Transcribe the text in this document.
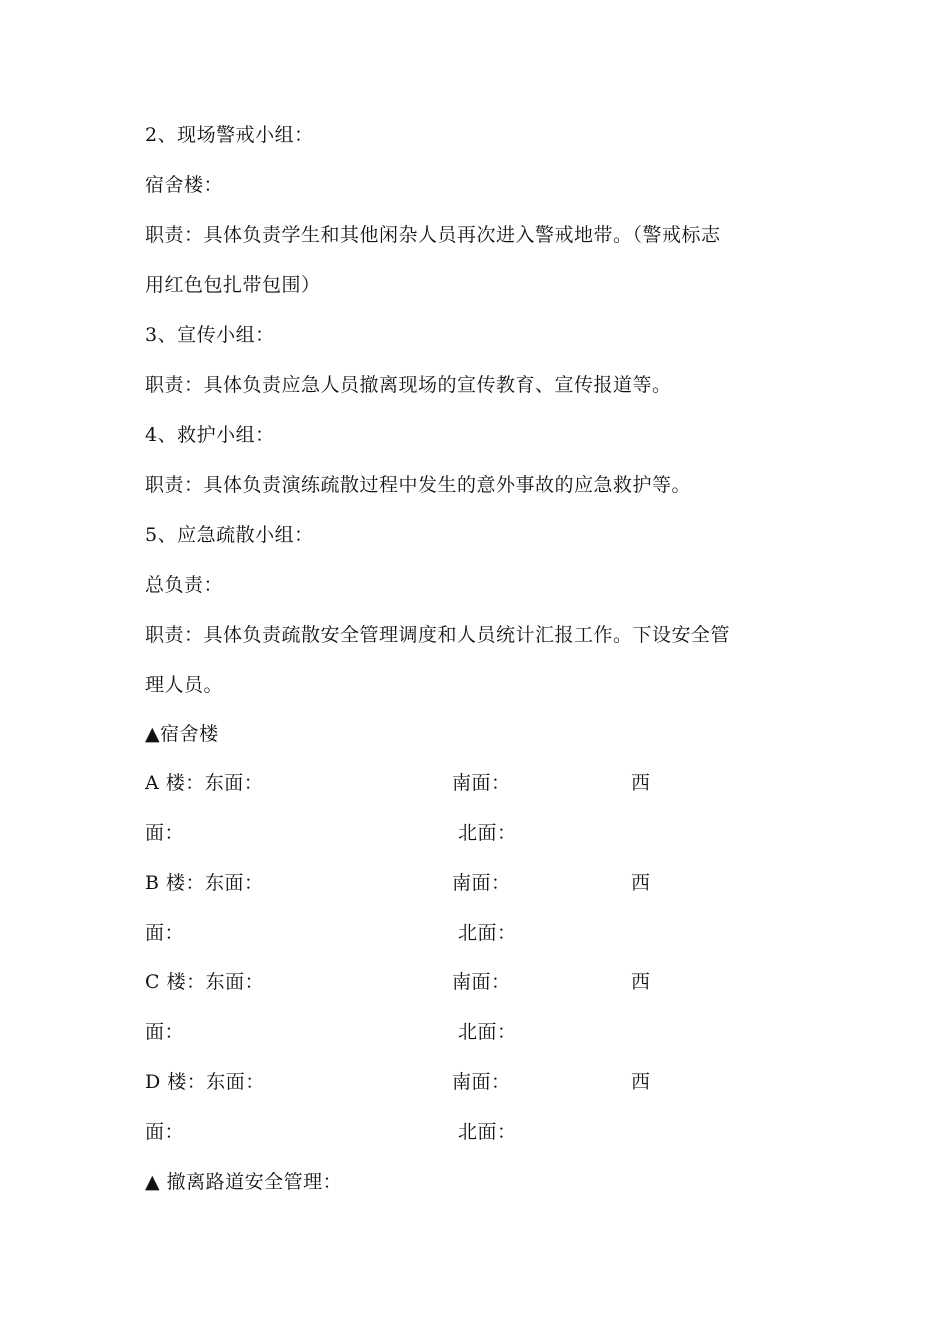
2、现场警戒小组：
宿舍楼：
职责：具体负责学生和其他闲杂人员再次进入警戒地带。（警戒标志
用红色包扎带包围）
3、宣传小组：
职责：具体负责应急人员撤离现场的宣传教育、宣传报道等。
4、救护小组：
职责：具体负责演练疏散过程中发生的意外事故的应急救护等。
5、应急疏散小组：
总负责：
职责：具体负责疏散安全管理调度和人员统计汇报工作。下设安全管
理人员。
▲宿舍楼
A 楼：东面：	南面：	西
面：	北面：
B 楼：东面：	南面：	西
面：	北面：
C 楼：东面：	南面：	西
面：	北面：
D 楼：东面：	南面：	西
面：	北面：
▲ 撤离路道安全管理：
